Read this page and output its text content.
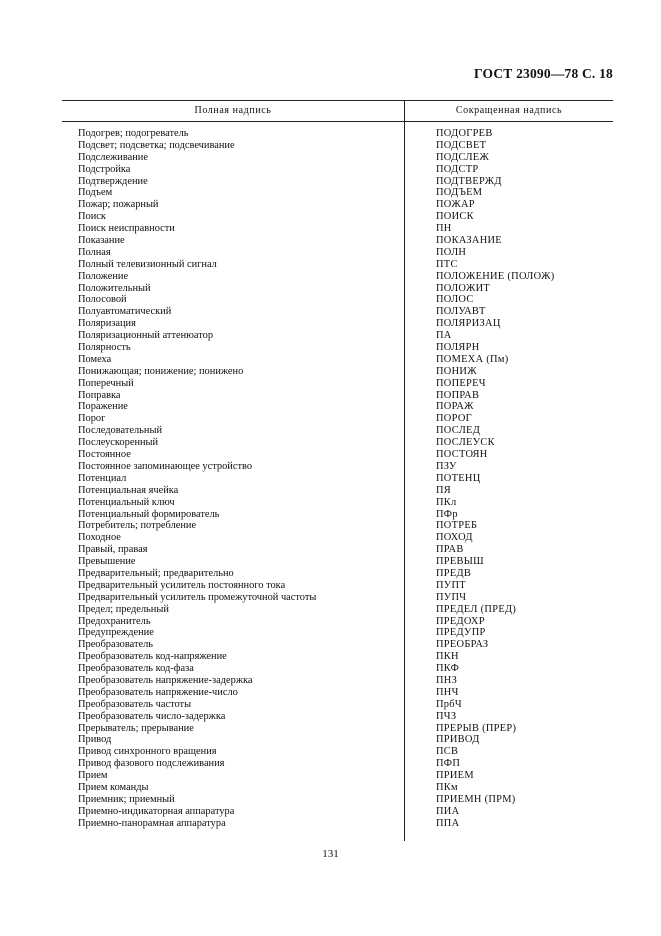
ГОСТ 23090—78 С. 18
Полная надпись	Сокращенная надпись
Подогрев; подогреватель	ПОДОГРЕВ
Подсвет; подсветка; подсвечивание	ПОДСВЕТ
Подслеживание	ПОДСЛЕЖ
Подстройка	ПОДСТР
Подтверждение	ПОДТВЕРЖД
Подъем	ПОДЪЕМ
Пожар; пожарный	ПОЖАР
Поиск	ПОИСК
Поиск неисправности	ПН
Показание	ПОКАЗАНИЕ
Полная	ПОЛН
Полный телевизионный сигнал	ПТС
Положение	ПОЛОЖЕНИЕ (ПОЛОЖ)
Положительный	ПОЛОЖИТ
Полосовой	ПОЛОС
Полуавтоматический	ПОЛУАВТ
Поляризация	ПОЛЯРИЗАЦ
Поляризационный аттенюатор	ПА
Полярность	ПОЛЯРН
Помеха	ПОМЕХА (Пм)
Понижающая; понижение; понижено	ПОНИЖ
Поперечный	ПОПЕРЕЧ
Поправка	ПОПРАВ
Поражение	ПОРАЖ
Порог	ПОРОГ
Последовательный	ПОСЛЕД
Послеускоренный	ПОСЛЕУСК
Постоянное	ПОСТОЯН
Постоянное запоминающее устройство	ПЗУ
Потенциал	ПОТЕНЦ
Потенциальная ячейка	ПЯ
Потенциальный ключ	ПКл
Потенциальный формирователь	ПФр
Потребитель; потребление	ПОТРЕБ
Походное	ПОХОД
Правый, правая	ПРАВ
Превышение	ПРЕВЫШ
Предварительный; предварительно	ПРЕДВ
Предварительный усилитель постоянного тока	ПУПТ
Предварительный усилитель промежуточной частоты	ПУПЧ
Предел; предельный	ПРЕДЕЛ (ПРЕД)
Предохранитель	ПРЕДОХР
Предупреждение	ПРЕДУПР
Преобразователь	ПРЕОБРАЗ
Преобразователь код-напряжение	ПКН
Преобразователь код-фаза	ПКФ
Преобразователь напряжение-задержка	ПНЗ
Преобразователь напряжение-число	ПНЧ
Преобразователь частоты	ПрбЧ
Преобразователь число-задержка	ПЧЗ
Прерыватель; прерывание	ПРЕРЫВ (ПРЕР)
Привод	ПРИВОД
Привод синхронного вращения	ПСВ
Привод фазового подслеживания	ПФП
Прием	ПРИЕМ
Прием команды	ПКм
Приемник; приемный	ПРИЕМН (ПРМ)
Приемно-индикаторная аппаратура	ПИА
Приемно-панорамная аппаратура	ППА
131
